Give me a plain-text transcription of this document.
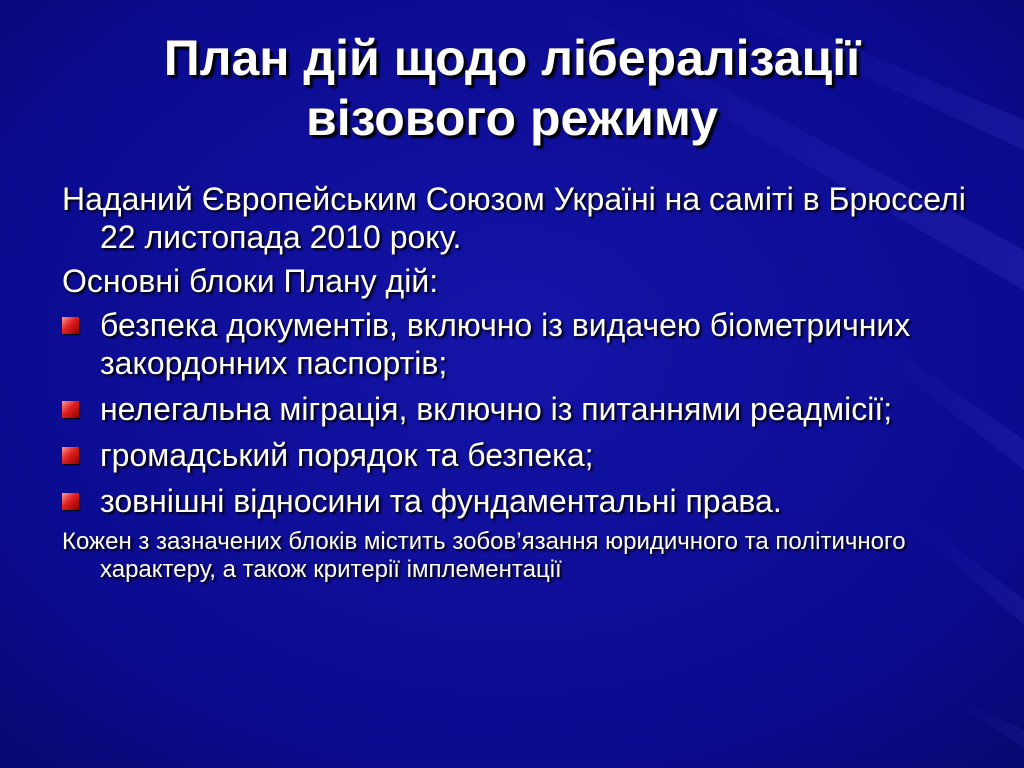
План дій щодо лібералізації
візового режиму

Наданий Європейським Союзом Україні на саміті в Брюсселі 22 листопада 2010 року.

Основні блоки Плану дій:

безпека документів, включно із видачею біометричних закордонних паспортів;
нелегальна міграція, включно із питаннями реадмісії;
громадський порядок та безпека;
зовнішні відносини та фундаментальні права.

Кожен з зазначених блоків містить зобов’язання юридичного та політичного характеру, а також критерії імплементації
